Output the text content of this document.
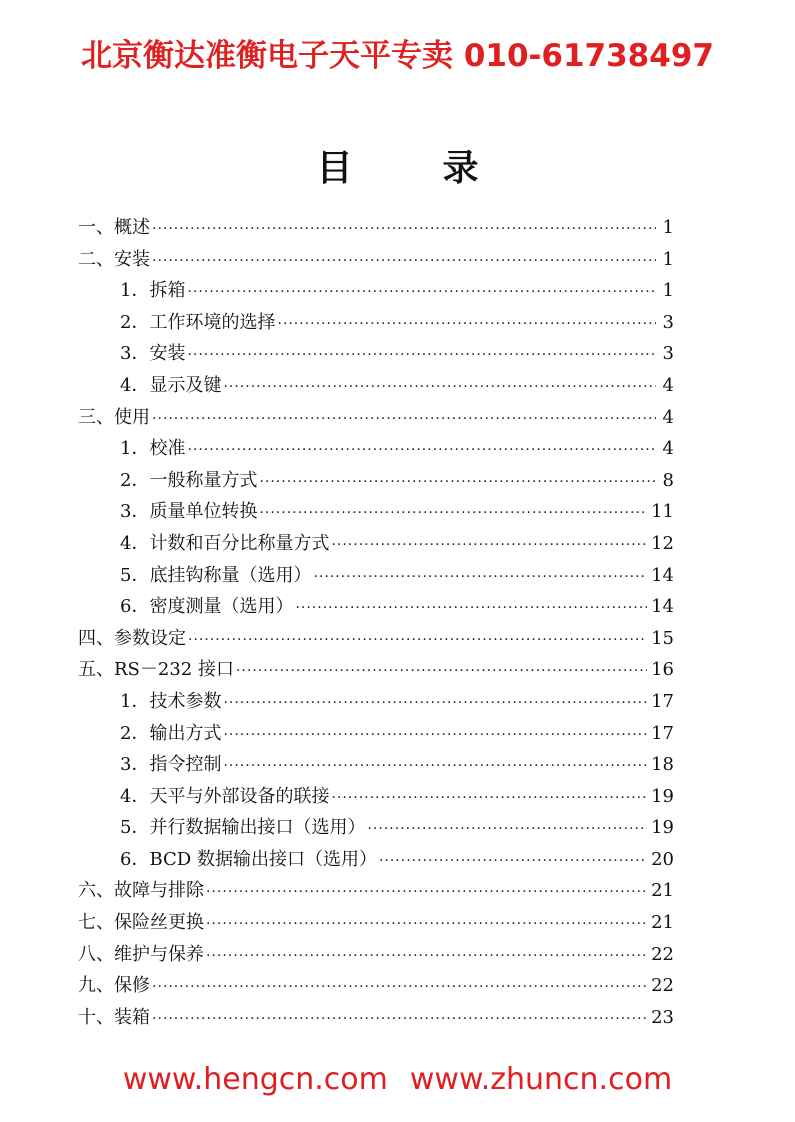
北京衡达准衡电子天平专卖 010-61738497
目	录
一、概述 ·····	1
二、安装 ·····	1
1．拆箱 ·····	1
2．工作环境的选择 ·····	3
3．安装 ·····	3
4．显示及键 ·····	4
三、使用 ·····	4
1．校准 ·····	4
2．一般称量方式 ·····	8
3．质量单位转换 ·····	11
4．计数和百分比称量方式 ·····	12
5．底挂钩称量（选用） ·····	14
6．密度测量（选用） ·····	14
四、参数设定 ·····	15
五、RS－232 接口 ·····	16
1．技术参数 ·····	17
2．输出方式 ·····	17
3．指令控制 ·····	18
4．天平与外部设备的联接 ·····	19
5．并行数据输出接口（选用） ·····	19
6．BCD 数据输出接口（选用） ·····	20
六、故障与排除 ·····	21
七、保险丝更换 ·····	21
八、维护与保养 ·····	22
九、保修 ·····	22
十、装箱 ·····	23
www.hengcn.com www.zhuncn.com
